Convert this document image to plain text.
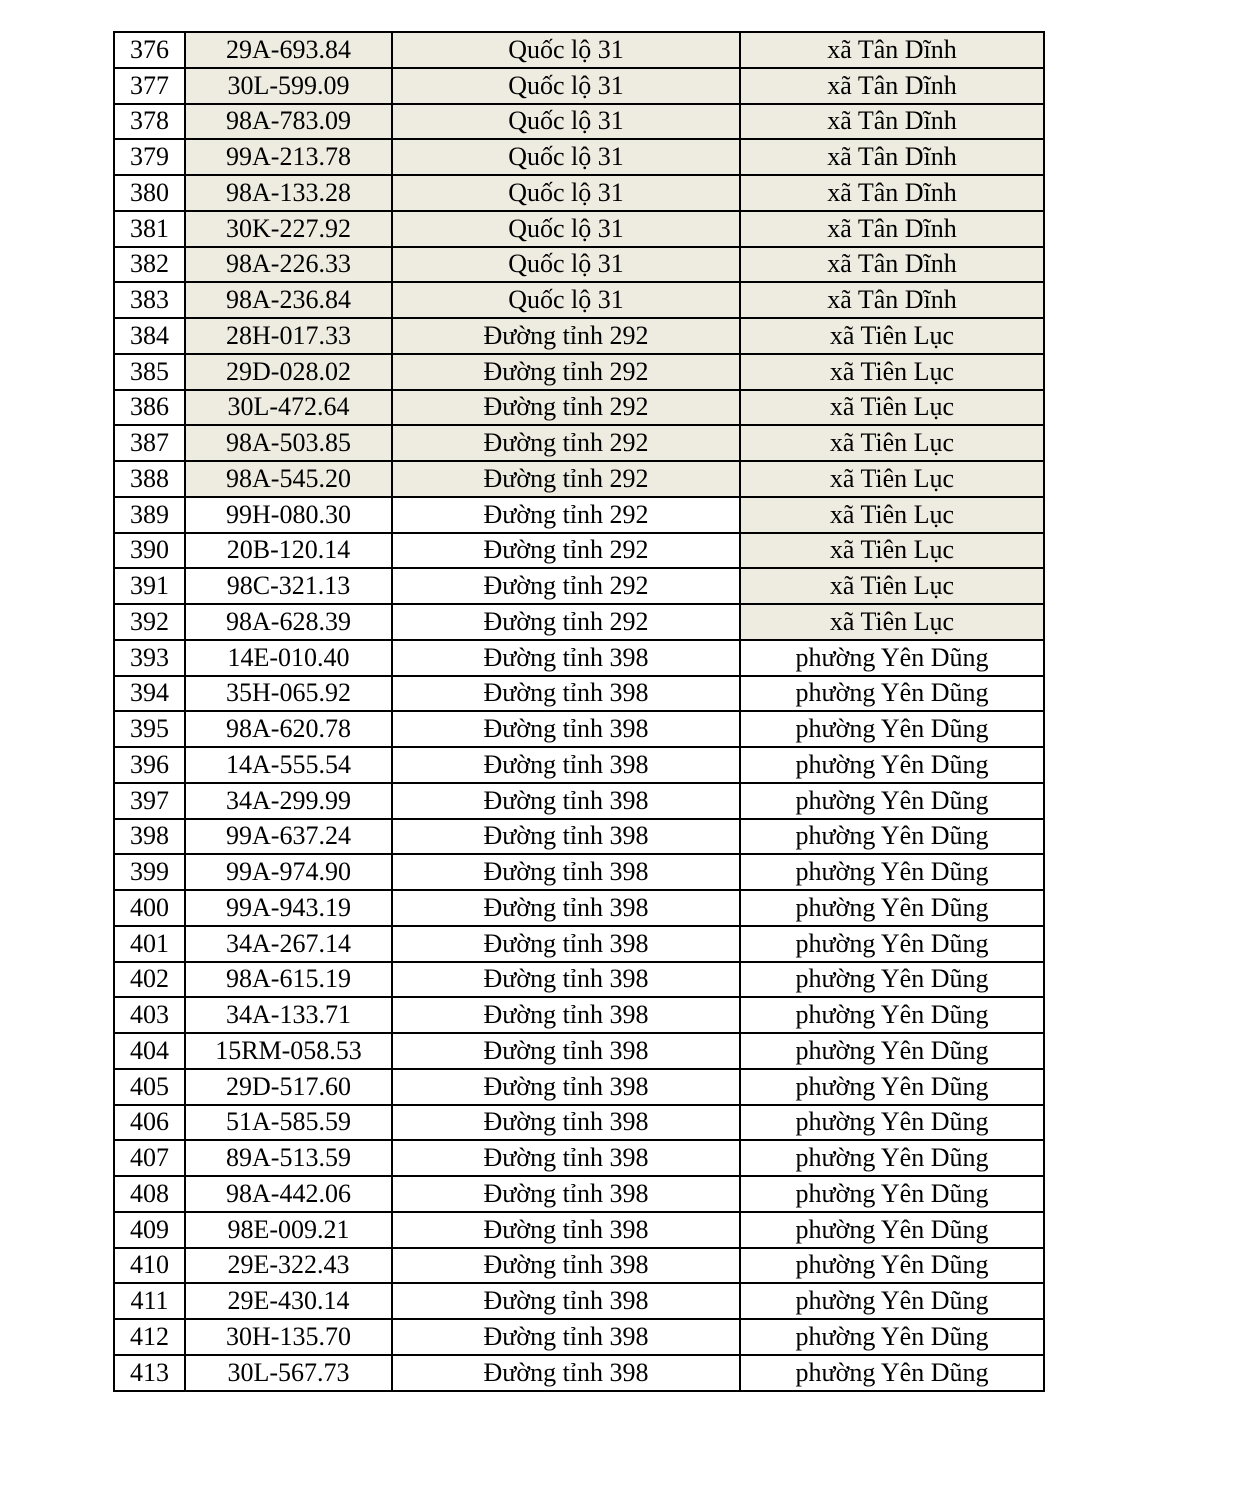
376	29A-693.84	Quốc lộ 31	xã Tân Dĩnh
377	30L-599.09	Quốc lộ 31	xã Tân Dĩnh
378	98A-783.09	Quốc lộ 31	xã Tân Dĩnh
379	99A-213.78	Quốc lộ 31	xã Tân Dĩnh
380	98A-133.28	Quốc lộ 31	xã Tân Dĩnh
381	30K-227.92	Quốc lộ 31	xã Tân Dĩnh
382	98A-226.33	Quốc lộ 31	xã Tân Dĩnh
383	98A-236.84	Quốc lộ 31	xã Tân Dĩnh
384	28H-017.33	Đường tỉnh 292	xã Tiên Lục
385	29D-028.02	Đường tỉnh 292	xã Tiên Lục
386	30L-472.64	Đường tỉnh 292	xã Tiên Lục
387	98A-503.85	Đường tỉnh 292	xã Tiên Lục
388	98A-545.20	Đường tỉnh 292	xã Tiên Lục
389	99H-080.30	Đường tỉnh 292	xã Tiên Lục
390	20B-120.14	Đường tỉnh 292	xã Tiên Lục
391	98C-321.13	Đường tỉnh 292	xã Tiên Lục
392	98A-628.39	Đường tỉnh 292	xã Tiên Lục
393	14E-010.40	Đường tỉnh 398	phường Yên Dũng
394	35H-065.92	Đường tỉnh 398	phường Yên Dũng
395	98A-620.78	Đường tỉnh 398	phường Yên Dũng
396	14A-555.54	Đường tỉnh 398	phường Yên Dũng
397	34A-299.99	Đường tỉnh 398	phường Yên Dũng
398	99A-637.24	Đường tỉnh 398	phường Yên Dũng
399	99A-974.90	Đường tỉnh 398	phường Yên Dũng
400	99A-943.19	Đường tỉnh 398	phường Yên Dũng
401	34A-267.14	Đường tỉnh 398	phường Yên Dũng
402	98A-615.19	Đường tỉnh 398	phường Yên Dũng
403	34A-133.71	Đường tỉnh 398	phường Yên Dũng
404	15RM-058.53	Đường tỉnh 398	phường Yên Dũng
405	29D-517.60	Đường tỉnh 398	phường Yên Dũng
406	51A-585.59	Đường tỉnh 398	phường Yên Dũng
407	89A-513.59	Đường tỉnh 398	phường Yên Dũng
408	98A-442.06	Đường tỉnh 398	phường Yên Dũng
409	98E-009.21	Đường tỉnh 398	phường Yên Dũng
410	29E-322.43	Đường tỉnh 398	phường Yên Dũng
411	29E-430.14	Đường tỉnh 398	phường Yên Dũng
412	30H-135.70	Đường tỉnh 398	phường Yên Dũng
413	30L-567.73	Đường tỉnh 398	phường Yên Dũng
